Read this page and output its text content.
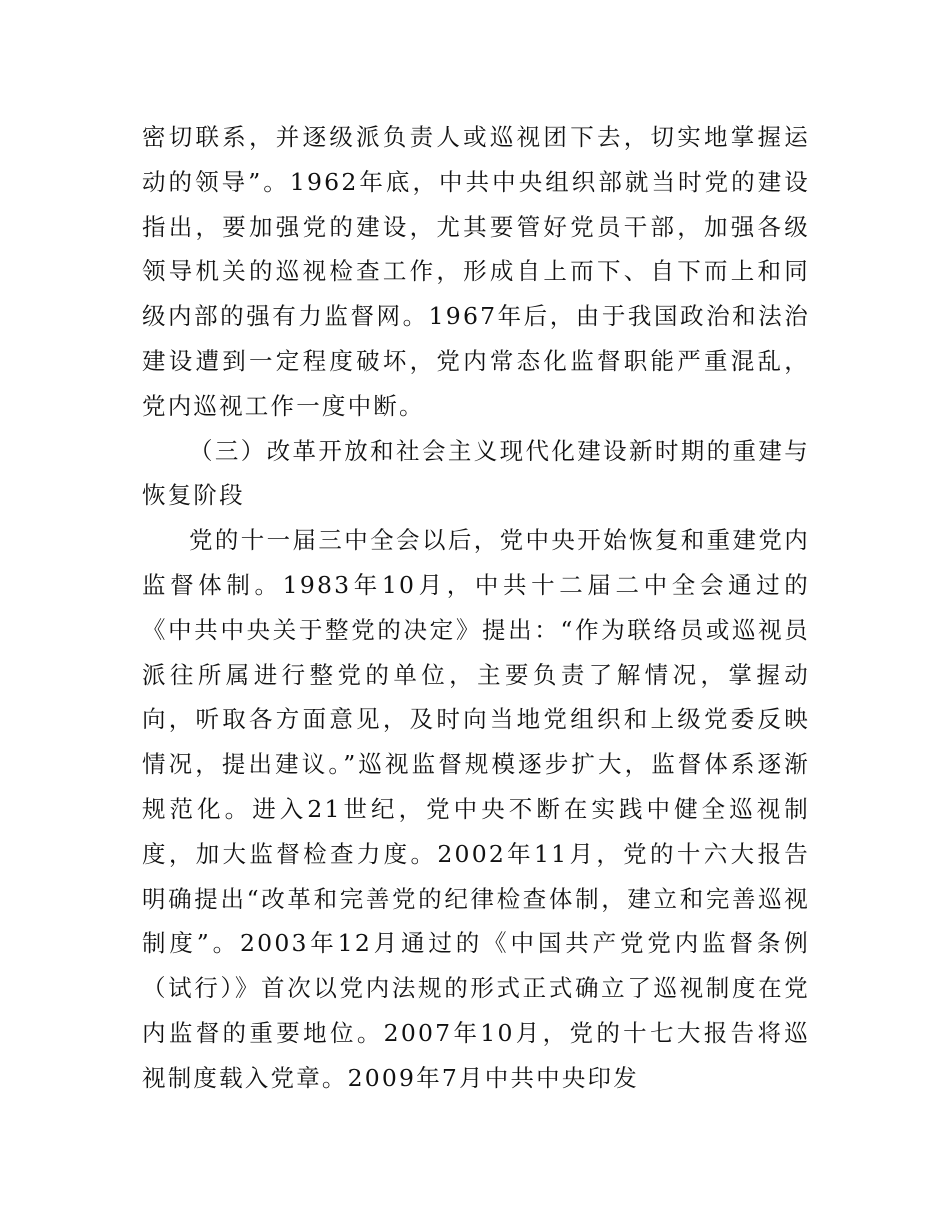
密切联系，并逐级派负责人或巡视团下去，切实地掌握运动的领导”。1962年底，中共中央组织部就当时党的建设指出，要加强党的建设，尤其要管好党员干部，加强各级领导机关的巡视检查工作，形成自上而下、自下而上和同级内部的强有力监督网。1967年后，由于我国政治和法治建设遭到一定程度破坏，党内常态化监督职能严重混乱，党内巡视工作一度中断。

（三）改革开放和社会主义现代化建设新时期的重建与恢复阶段

党的十一届三中全会以后，党中央开始恢复和重建党内监督体制。1983年10月，中共十二届二中全会通过的《中共中央关于整党的决定》提出：“作为联络员或巡视员派往所属进行整党的单位，主要负责了解情况，掌握动向，听取各方面意见，及时向当地党组织和上级党委反映情况，提出建议。”巡视监督规模逐步扩大，监督体系逐渐规范化。进入21世纪，党中央不断在实践中健全巡视制度，加大监督检查力度。2002年11月，党的十六大报告明确提出“改革和完善党的纪律检查体制，建立和完善巡视制度”。2003年12月通过的《中国共产党党内监督条例（试行）》首次以党内法规的形式正式确立了巡视制度在党内监督的重要地位。2007年10月，党的十七大报告将巡视制度载入党章。2009年7月中共中央印发
